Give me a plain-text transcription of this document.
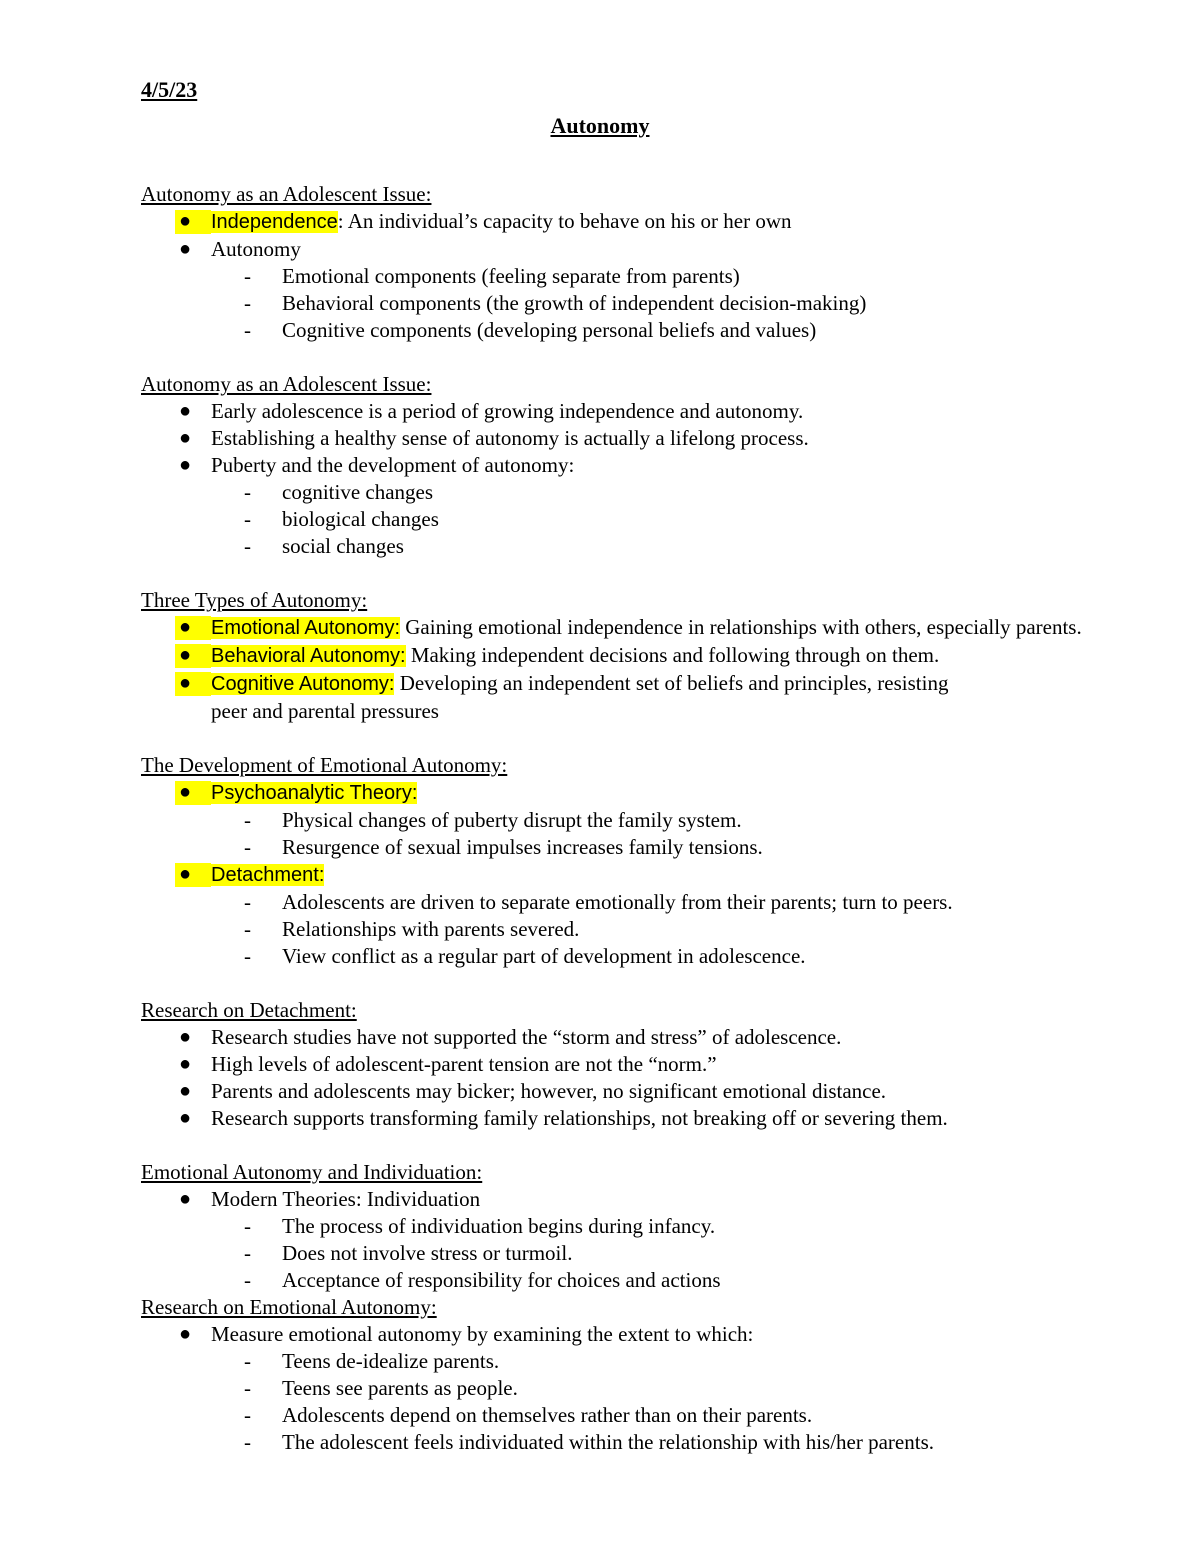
4/5/23
Autonomy
Autonomy as an Adolescent Issue:
● Independence: An individual’s capacity to behave on his or her own
● Autonomy
- Emotional components (feeling separate from parents)
- Behavioral components (the growth of independent decision-making)
- Cognitive components (developing personal beliefs and values)
Autonomy as an Adolescent Issue:
● Early adolescence is a period of growing independence and autonomy.
● Establishing a healthy sense of autonomy is actually a lifelong process.
● Puberty and the development of autonomy:
- cognitive changes
- biological changes
- social changes
Three Types of Autonomy:
● Emotional Autonomy: Gaining emotional independence in relationships with others, especially parents.
● Behavioral Autonomy: Making independent decisions and following through on them.
● Cognitive Autonomy: Developing an independent set of beliefs and principles, resisting
peer and parental pressures
The Development of Emotional Autonomy:
● Psychoanalytic Theory:
- Physical changes of puberty disrupt the family system.
- Resurgence of sexual impulses increases family tensions.
● Detachment:
- Adolescents are driven to separate emotionally from their parents; turn to peers.
- Relationships with parents severed.
- View conflict as a regular part of development in adolescence.
Research on Detachment:
● Research studies have not supported the “storm and stress” of adolescence.
● High levels of adolescent-parent tension are not the “norm.”
● Parents and adolescents may bicker; however, no significant emotional distance.
● Research supports transforming family relationships, not breaking off or severing them.
Emotional Autonomy and Individuation:
● Modern Theories: Individuation
- The process of individuation begins during infancy.
- Does not involve stress or turmoil.
- Acceptance of responsibility for choices and actions
Research on Emotional Autonomy:
● Measure emotional autonomy by examining the extent to which:
- Teens de-idealize parents.
- Teens see parents as people.
- Adolescents depend on themselves rather than on their parents.
- The adolescent feels individuated within the relationship with his/her parents.
